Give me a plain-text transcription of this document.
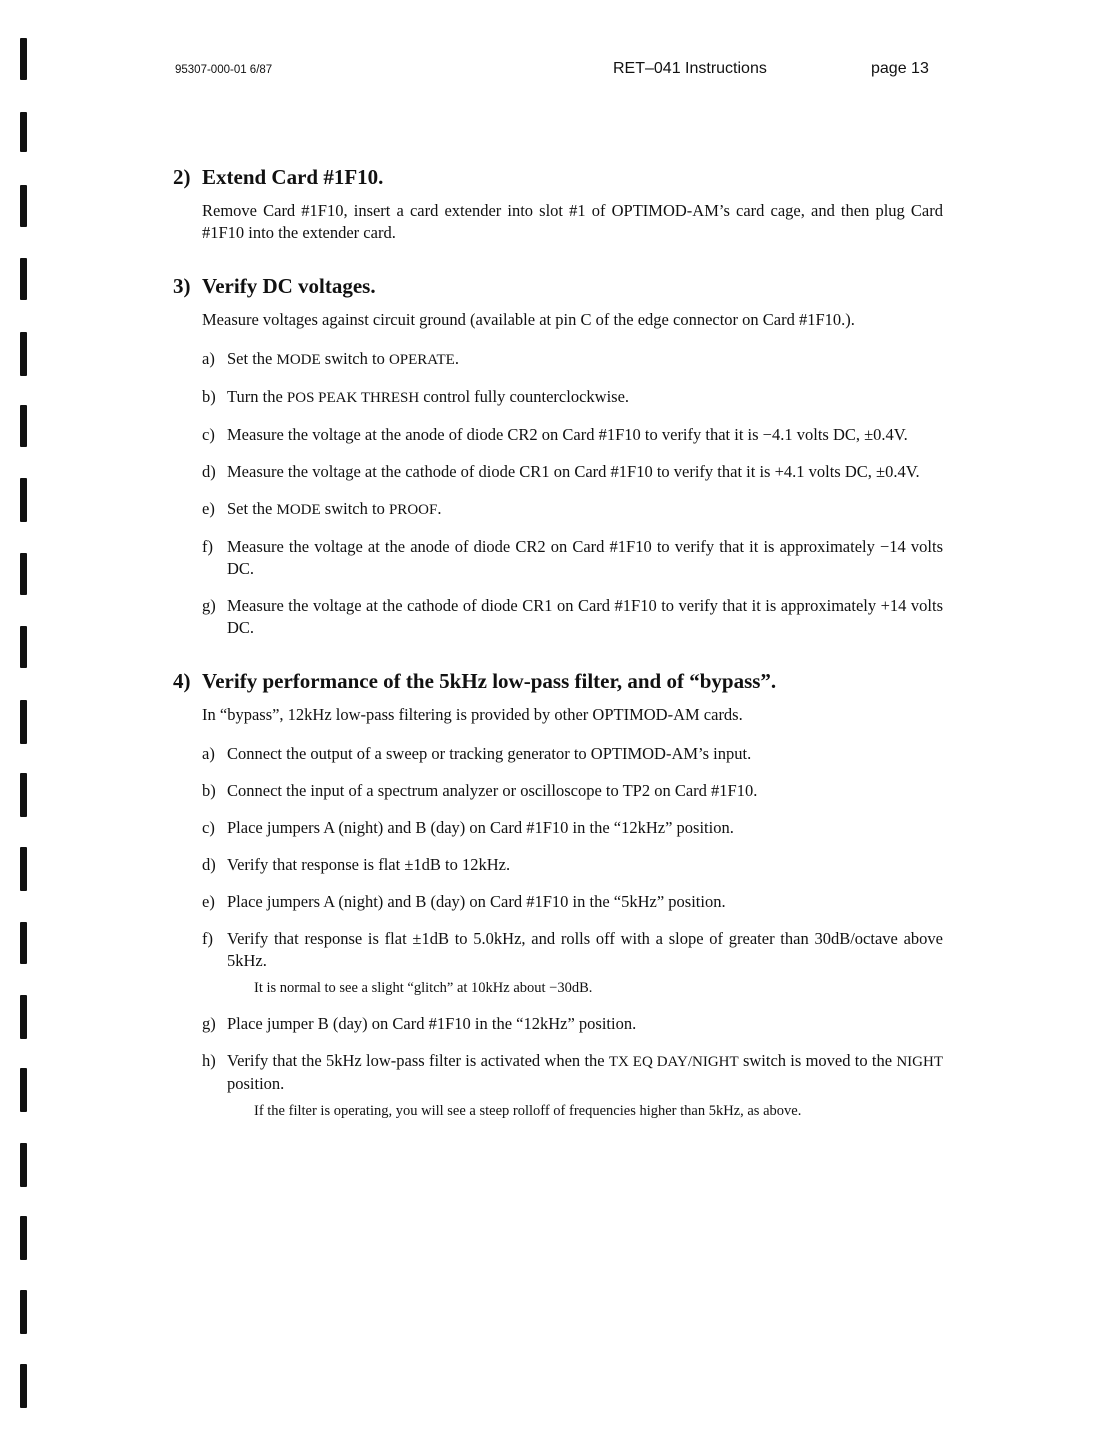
95307-000-01 6/87	RET–041 Instructions	page 13
2) Extend Card #1F10.
Remove Card #1F10, insert a card extender into slot #1 of OPTIMOD-AM’s card cage, and then plug Card #1F10 into the extender card.
3) Verify DC voltages.
Measure voltages against circuit ground (available at pin C of the edge connector on Card #1F10.).
a) Set the MODE switch to OPERATE.
b) Turn the POS PEAK THRESH control fully counterclockwise.
c) Measure the voltage at the anode of diode CR2 on Card #1F10 to verify that it is −4.1 volts DC, ±0.4V.
d) Measure the voltage at the cathode of diode CR1 on Card #1F10 to verify that it is +4.1 volts DC, ±0.4V.
e) Set the MODE switch to PROOF.
f) Measure the voltage at the anode of diode CR2 on Card #1F10 to verify that it is approximately −14 volts DC.
g) Measure the voltage at the cathode of diode CR1 on Card #1F10 to verify that it is approximately +14 volts DC.
4) Verify performance of the 5kHz low-pass filter, and of “bypass”.
In “bypass”, 12kHz low-pass filtering is provided by other OPTIMOD-AM cards.
a) Connect the output of a sweep or tracking generator to OPTIMOD-AM’s input.
b) Connect the input of a spectrum analyzer or oscilloscope to TP2 on Card #1F10.
c) Place jumpers A (night) and B (day) on Card #1F10 in the “12kHz” position.
d) Verify that response is flat ±1dB to 12kHz.
e) Place jumpers A (night) and B (day) on Card #1F10 in the “5kHz” position.
f) Verify that response is flat ±1dB to 5.0kHz, and rolls off with a slope of greater than 30dB/octave above 5kHz.
It is normal to see a slight “glitch” at 10kHz about −30dB.
g) Place jumper B (day) on Card #1F10 in the “12kHz” position.
h) Verify that the 5kHz low-pass filter is activated when the TX EQ DAY/NIGHT switch is moved to the NIGHT position.
If the filter is operating, you will see a steep rolloff of frequencies higher than 5kHz, as above.
